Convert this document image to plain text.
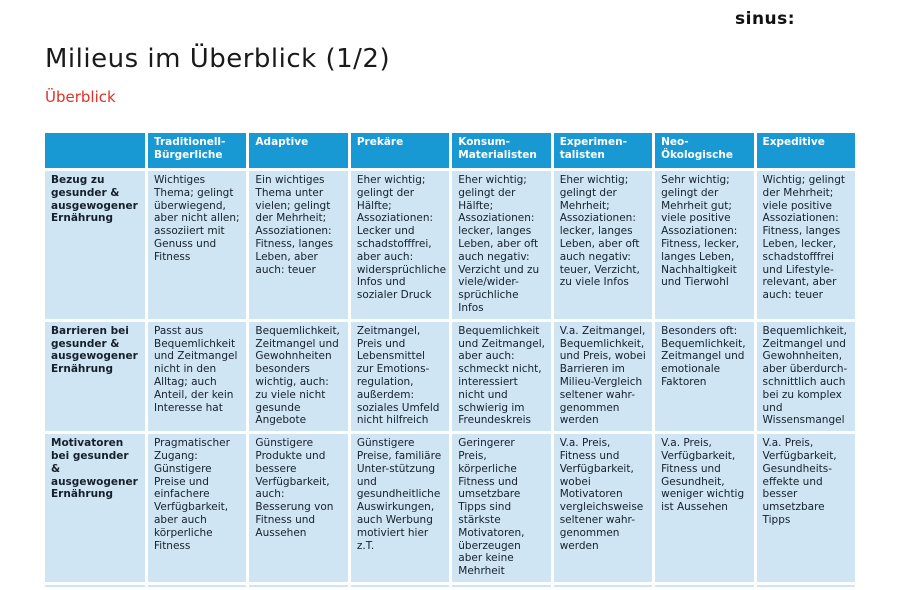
sinus:
Milieus im Überblick (1/2)
Überblick
	Traditionell-Bürgerliche	Adaptive	Prekäre	Konsum-Materialisten	Experimen-talisten	Neo-Ökologische	Expeditive
Bezug zu gesunder & ausgewogener Ernährung	Wichtiges Thema; gelingt überwiegend, aber nicht allen; assoziiert mit Genuss und Fitness	Ein wichtiges Thema unter vielen; gelingt der Mehrheit; Assoziationen: Fitness, langes Leben, aber auch: teuer	Eher wichtig; gelingt der Hälfte; Assoziationen: Lecker und schadstofffrei, aber auch: widersprüchliche Infos und sozialer Druck	Eher wichtig; gelingt der Hälfte; Assoziationen: lecker, langes Leben, aber oft auch negativ: Verzicht und zu viele/wider-sprüchliche Infos	Eher wichtig; gelingt der Mehrheit; Assoziationen: lecker, langes Leben, aber oft auch negativ: teuer, Verzicht, zu viele Infos	Sehr wichtig; gelingt der Mehrheit gut; viele positive Assoziationen: Fitness, lecker, langes Leben, Nachhaltigkeit und Tierwohl	Wichtig; gelingt der Mehrheit; viele positive Assoziationen: Fitness, langes Leben, lecker, schadstofffrei und Lifestyle-relevant, aber auch: teuer
Barrieren bei gesunder & ausgewogener Ernährung	Passt aus Bequemlichkeit und Zeitmangel nicht in den Alltag; auch Anteil, der kein Interesse hat	Bequemlichkeit, Zeitmangel und Gewohnheiten besonders wichtig, auch: zu viele nicht gesunde Angebote	Zeitmangel, Preis und Lebensmittel zur Emotions-regulation, außerdem: soziales Umfeld nicht hilfreich	Bequemlichkeit und Zeitmangel, aber auch: schmeckt nicht, interessiert nicht und schwierig im Freundeskreis	V.a. Zeitmangel, Bequemlichkeit, und Preis, wobei Barrieren im Milieu-Vergleich seltener wahr-genommen werden	Besonders oft: Bequemlichkeit, Zeitmangel und emotionale Faktoren	Bequemlichkeit, Zeitmangel und Gewohnheiten, aber überdurch-schnittlich auch bei zu komplex und Wissensmangel
Motivatoren bei gesunder & ausgewogener Ernährung	Pragmatischer Zugang: Günstigere Preise und einfachere Verfügbarkeit, aber auch körperliche Fitness	Günstigere Produkte und bessere Verfügbarkeit, auch: Besserung von Fitness und Aussehen	Günstigere Preise, familiäre Unter-stützung und gesundheitliche Auswirkungen, auch Werbung motiviert hier z.T.	Geringerer Preis, körperliche Fitness und umsetzbare Tipps sind stärkste Motivatoren, überzeugen aber keine Mehrheit	V.a. Preis, Fitness und Verfügbarkeit, wobei Motivatoren vergleichsweise seltener wahr-genommen werden	V.a. Preis, Verfügbarkeit, Fitness und Gesundheit, weniger wichtig ist Aussehen	V.a. Preis, Verfügbarkeit, Gesundheits-effekte und besser umsetzbare Tipps
